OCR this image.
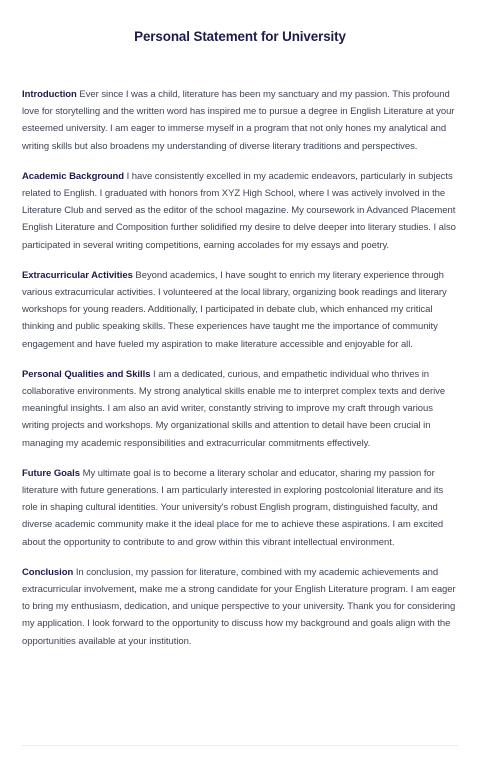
Personal Statement for University

Introduction Ever since I was a child, literature has been my sanctuary and my passion. This profound love for storytelling and the written word has inspired me to pursue a degree in English Literature at your esteemed university. I am eager to immerse myself in a program that not only hones my analytical and writing skills but also broadens my understanding of diverse literary traditions and perspectives.

Academic Background I have consistently excelled in my academic endeavors, particularly in subjects related to English. I graduated with honors from XYZ High School, where I was actively involved in the Literature Club and served as the editor of the school magazine. My coursework in Advanced Placement English Literature and Composition further solidified my desire to delve deeper into literary studies. I also participated in several writing competitions, earning accolades for my essays and poetry.

Extracurricular Activities Beyond academics, I have sought to enrich my literary experience through various extracurricular activities. I volunteered at the local library, organizing book readings and literary workshops for young readers. Additionally, I participated in debate club, which enhanced my critical thinking and public speaking skills. These experiences have taught me the importance of community engagement and have fueled my aspiration to make literature accessible and enjoyable for all.

Personal Qualities and Skills I am a dedicated, curious, and empathetic individual who thrives in collaborative environments. My strong analytical skills enable me to interpret complex texts and derive meaningful insights. I am also an avid writer, constantly striving to improve my craft through various writing projects and workshops. My organizational skills and attention to detail have been crucial in managing my academic responsibilities and extracurricular commitments effectively.

Future Goals My ultimate goal is to become a literary scholar and educator, sharing my passion for literature with future generations. I am particularly interested in exploring postcolonial literature and its role in shaping cultural identities. Your university's robust English program, distinguished faculty, and diverse academic community make it the ideal place for me to achieve these aspirations. I am excited about the opportunity to contribute to and grow within this vibrant intellectual environment.

Conclusion In conclusion, my passion for literature, combined with my academic achievements and extracurricular involvement, make me a strong candidate for your English Literature program. I am eager to bring my enthusiasm, dedication, and unique perspective to your university. Thank you for considering my application. I look forward to the opportunity to discuss how my background and goals align with the opportunities available at your institution.
